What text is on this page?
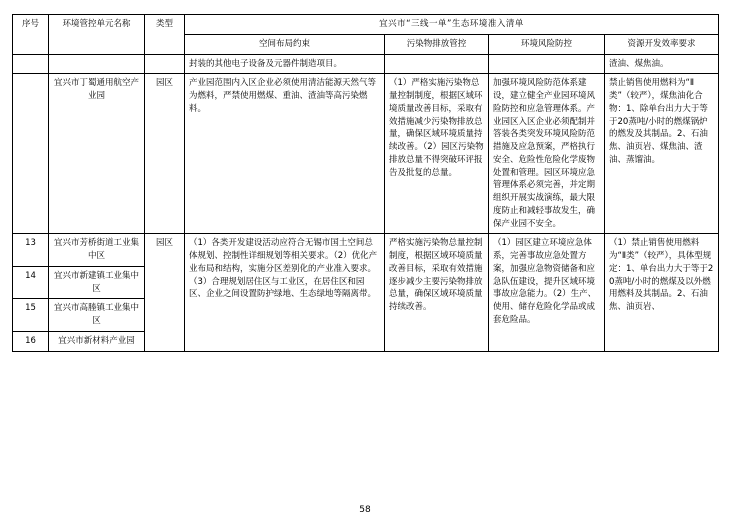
序号	环境管控单元名称	类型	宜兴市“三线一单”生态环境准入清单			
			空间布局约束	污染物排放管控	环境风险防控	资源开发效率要求

			封装的其他电子设备及元器件制造项目。			渣油、煤焦油。

	宜兴市丁蜀通用航空产业园	园区	产业园范围内入区企业必须使用清洁能源天然气等为燃料，严禁使用燃煤、重油、渣油等高污染燃料。	（1）严格实施污染物总量控制制度，根据区域环境质量改善目标，采取有效措施减少污染物排放总量，确保区域环境质量持续改善。（2）园区污染物排放总量不得突破环评报告及批复的总量。	加强环境风险防范体系建设，建立健全产业园环境风险防控和应急管理体系。产业园区入区企业必须配制并答装各类突发环境风险防范措施及应急预案，严格执行安全、危险性危险化学废物处置和管理。园区环境应急管理体系必须完善，并定期组织开展实战演练，最大限度防止和减轻事故发生，确保产业园不安全。	禁止销售使用燃料为“Ⅱ类”（较严），煤焦油化合物：1、除单台出力大于等于20蒸吨/小时的燃煤锅炉的燃发及其制品。2、石油焦、油页岩、煤焦油、渣油、蒸馏油。

13	宜兴市芳桥街道工业集中区	园区	（1）各类开发建设活动应符合无锡市国土空间总体规划、控制性详细规划等相关要求。（2）优化产业布局和结构，实施分区差别化的产业准入要求。（3）合理规划居住区与工业区，在居住区和园区、企业之间设置防护绿地、生态绿地等隔离带。	严格实施污染物总量控制制度，根据区域环境质量改善目标，采取有效措施逐步减少主要污染物排放总量，确保区域环境质量持续改善。	（1）园区建立环境应急体系，完善事故应急处置方案，加强应急物资储备和应急队伍建设，提升区域环境事故应急能力。（2）生产、使用、储存危险化学品或成套危险品。	（1）禁止销售使用燃料为“Ⅱ类”（较严），具体型规定：1、单台出力大于等于20蒸吨/小时的燃煤及以外燃用燃料及其制品。2、石油焦、油页岩、

14	宜兴市新建镇工业集中区					
15	宜兴市高塍镇工业集中区					
16	宜兴市新材料产业园					
58
